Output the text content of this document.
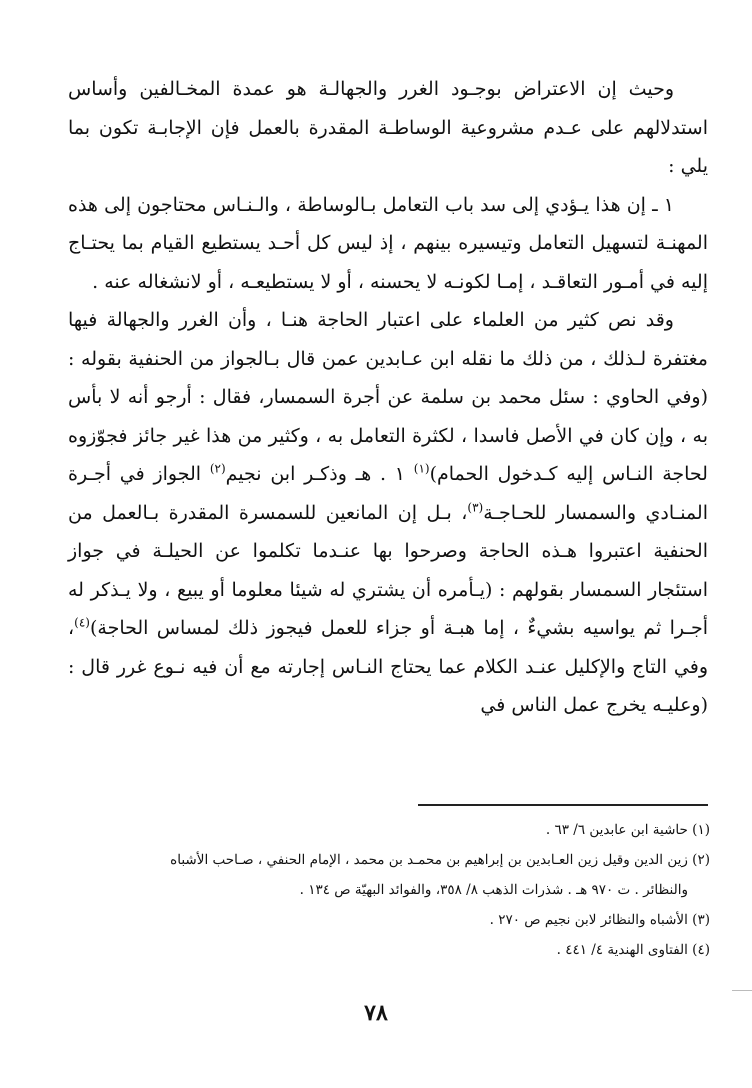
وحيث إن الاعتراض بوجـود الغرر والجهالـة هو عمدة المخـالفين وأساس استدلالهم على عـدم مشروعية الوساطـة المقدرة بالعمل فإن الإجابـة تكون بما يلي :

١ ـ إن هذا يـؤدي إلى سد باب التعامل بـالوساطة ، والـنـاس محتاجون إلى هذه المهنـة لتسهيل التعامل وتيسيره بينهم ، إذ ليس كل أحـد يستطيع القيام بما يحتـاج إليه في أمـور التعاقـد ، إمـا لكونـه لا يحسنه ، أو لا يستطيعـه ، أو لانشغاله عنه .

وقد نص كثير من العلماء على اعتبار الحاجة هنـا ، وأن الغرر والجهالة فيها مغتفرة لـذلك ، من ذلك ما نقله ابن عـابدين عمن قال بـالجواز من الحنفية بقوله : (وفي الحاوي : سئل محمد بن سلمة عن أجرة السمسار، فقال : أرجو أنه لا بأس به ، وإن كان في الأصل فاسدا ، لكثرة التعامل به ، وكثير من هذا غير جائز فجوّزوه لحاجة النـاس إليه كـدخول الحمام)$^{(١)}$ ١ . هـ وذكـر ابن نجيم$^{(٢)}$ الجواز في أجـرة المنـادي والسمسار للحـاجـة$^{(٣)}$، بـل إن المانعين للسمسرة المقدرة بـالعمل من الحنفية اعتبروا هـذه الحاجة وصرحوا بها عنـدما تكلموا عن الحيلـة في جواز استئجار السمسار بقولهم : (يـأمره أن يشتري له شيئا معلوما أو يبيع ، ولا يـذكر له أجـرا ثم يواسيه بشيءٌ ، إما هبـة أو جزاء للعمل فيجوز ذلك لمساس الحاجة)$^{(٤)}$، وفي التاج والإكليل عنـد الكلام عما يحتاج النـاس إجارته مع أن فيه نـوع غرر قال : (وعليـه يخرج عمل الناس في

(١) حاشية ابن عابدين ٦/ ٦٣ .

(٢) زين الدين وقيل زين العـابدين بن إبراهيم بن محمـد بن محمد ، الإمام الحنفي ، صـاحب الأشباه

والنظائر . ت ٩٧٠ هـ . شذرات الذهب ٨/ ٣٥٨، والفوائد البهيّة ص ١٣٤ .

(٣) الأشباه والنظائر لابن نجيم ص ٢٧٠ .

(٤) الفتاوى الهندية ٤/ ٤٤١ .

٧٨
